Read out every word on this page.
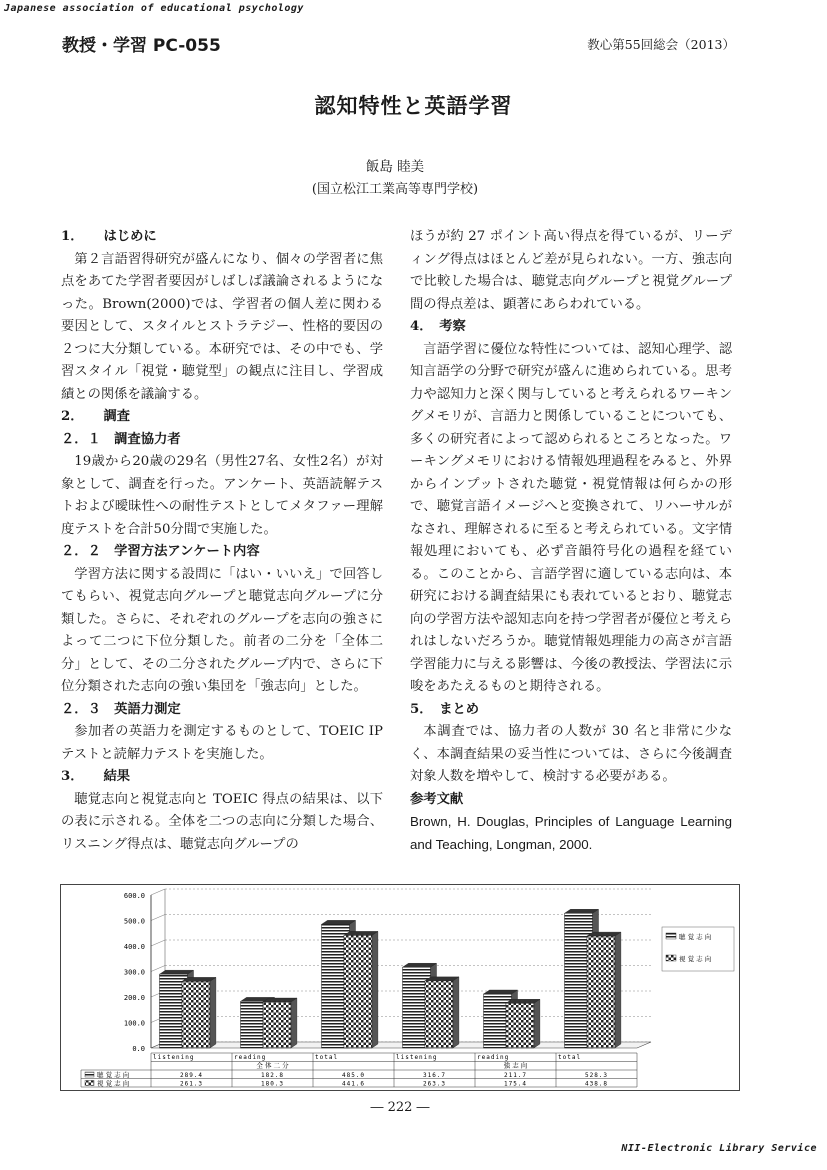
Japanese association of educational psychology
教授・学習 PC-055	教心第55回総会（2013）
認知特性と英語学習
飯島 睦美
(国立松江工業高等専門学校)
1．　　はじめに
第２言語習得研究が盛んになり、個々の学習者に焦点をあてた学習者要因がしばしば議論されるようになった。Brown(2000)では、学習者の個人差に関わる要因として、スタイルとストラテジー、性格的要因の２つに大分類している。本研究では、その中でも、学習スタイル「視覚・聴覚型」の観点に注目し、学習成績との関係を議論する。
2．　　調査
２．１　調査協力者
19歳から20歳の29名（男性27名、女性2名）が対象として、調査を行った。アンケート、英語読解テストおよび曖昧性への耐性テストとしてメタファー理解度テストを合計50分間で実施した。
２．２　学習方法アンケート内容
学習方法に関する設問に「はい・いいえ」で回答してもらい、視覚志向グループと聴覚志向グループに分類した。さらに、それぞれのグループを志向の強さによって二つに下位分類した。前者の二分を「全体二分」として、その二分されたグループ内で、さらに下位分類された志向の強い集団を「強志向」とした。
２．３　英語力測定
参加者の英語力を測定するものとして、TOEIC IPテストと読解力テストを実施した。
3．　　結果
聴覚志向と視覚志向と TOEIC 得点の結果は、以下の表に示される。全体を二つの志向に分類した場合、リスニング得点は、聴覚志向グループの
ほうが約 27 ポイント高い得点を得ているが、リーディング得点はほとんど差が見られない。一方、強志向で比較した場合は、聴覚志向グループと視覚グループ間の得点差は、顕著にあらわれている。
4．　考察
言語学習に優位な特性については、認知心理学、認知言語学の分野で研究が盛んに進められている。思考力や認知力と深く関与していると考えられるワーキングメモリが、言語力と関係していることについても、多くの研究者によって認められるところとなった。ワーキングメモリにおける情報処理過程をみると、外界からインプットされた聴覚・視覚情報は何らかの形で、聴覚言語イメージへと変換されて、リハーサルがなされ、理解されるに至ると考えられている。文字情報処理においても、必ず音韻符号化の過程を経ている。このことから、言語学習に適している志向は、本研究における調査結果にも表れているとおり、聴覚志向の学習方法や認知志向を持つ学習者が優位と考えられはしないだろうか。聴覚情報処理能力の高さが言語学習能力に与える影響は、今後の教授法、学習法に示唆をあたえるものと期待される。
5．　まとめ
本調査では、協力者の人数が 30 名と非常に少なく、本調査結果の妥当性については、さらに今後調査対象人数を増やして、検討する必要がある。
参考文献
Brown, H. Douglas, Principles of Language Learning and Teaching, Longman, 2000.
0.0
100.0
200.0
300.0
400.0
500.0
600.0
listening	reading	total	listening	reading	total
全 体 二 分	強 志 向
聴 覚 志 向	289.4	182.8	485.0	316.7	211.7	528.3
視 覚 志 向	261.3	180.3	441.6	263.3	175.4	438.8
聴 覚 志 向
視 覚 志 向
― 222 ―
NII-Electronic Library Service
